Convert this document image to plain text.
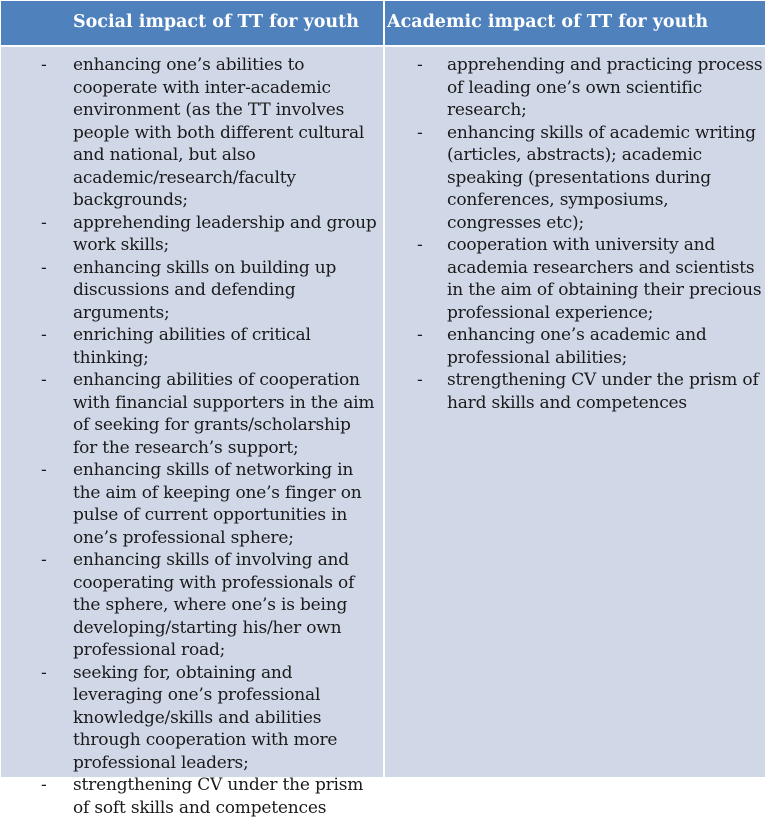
Social impact of TT for youth	Academic impact of TT for youth
- enhancing one’s abilities to cooperate with inter-academic environment (as the TT involves people with both different cultural and national, but also academic/research/faculty backgrounds;
- apprehending leadership and group work skills;
- enhancing skills on building up discussions and defending arguments;
- enriching abilities of critical thinking;
- enhancing abilities of cooperation with financial supporters in the aim of seeking for grants/scholarship for the research’s support;
- enhancing skills of networking in the aim of keeping one’s finger on pulse of current opportunities in one’s professional sphere;
- enhancing skills of involving and cooperating with professionals of the sphere, where one’s is being developing/starting his/her own professional road;
- seeking for, obtaining and leveraging one’s professional knowledge/skills and abilities through cooperation with more professional leaders;
- strengthening CV under the prism of soft skills and competences
- apprehending and practicing process of leading one’s own scientific research;
- enhancing skills of academic writing (articles, abstracts); academic speaking (presentations during conferences, symposiums, congresses etc);
- cooperation with university and academia researchers and scientists in the aim of obtaining their precious professional experience;
- enhancing one’s academic and professional abilities;
- strengthening CV under the prism of hard skills and competences
